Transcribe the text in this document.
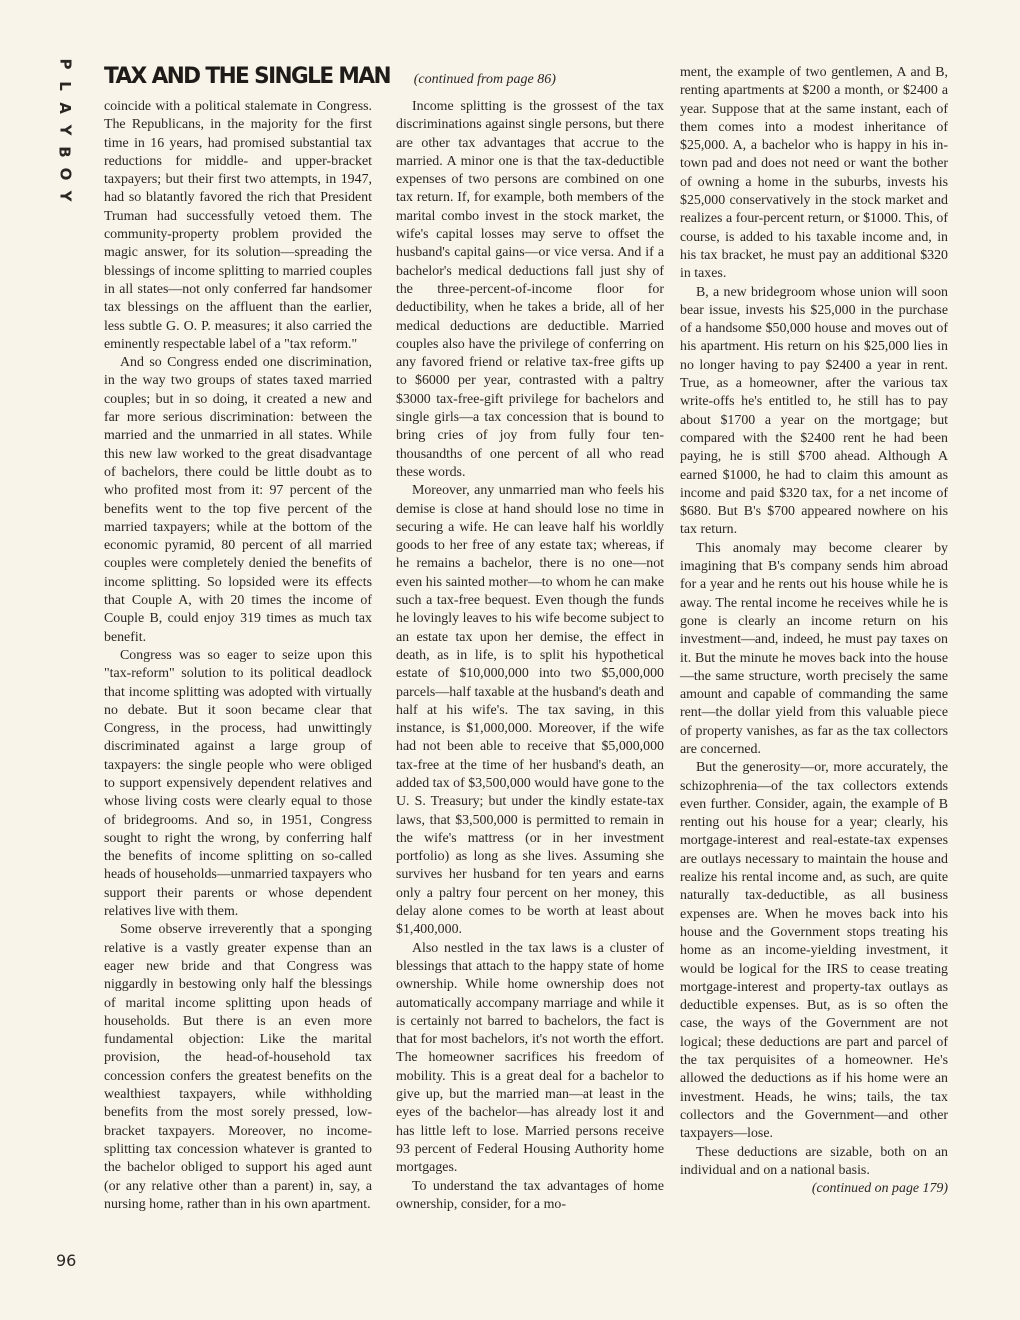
P
L
A
Y
B
O
Y
TAX AND THE SINGLE MAN (continued from page 86)

coincide with a political stalemate in Congress. The Republicans, in the majority for the first time in 16 years, had promised substantial tax reductions for middle- and upper-bracket taxpayers; but their first two attempts, in 1947, had so blatantly favored the rich that President Truman had successfully vetoed them. The community-property problem provided the magic answer, for its solution—spreading the blessings of income splitting to married couples in all states—not only conferred far handsomer tax blessings on the affluent than the earlier, less subtle G. O. P. measures; it also carried the eminently respectable label of a "tax reform."

And so Congress ended one discrimination, in the way two groups of states taxed married couples; but in so doing, it created a new and far more serious discrimination: between the married and the unmarried in all states. While this new law worked to the great disadvantage of bachelors, there could be little doubt as to who profited most from it: 97 percent of the benefits went to the top five percent of the married taxpayers; while at the bottom of the economic pyramid, 80 percent of all married couples were completely denied the benefits of income splitting. So lopsided were its effects that Couple A, with 20 times the income of Couple B, could enjoy 319 times as much tax benefit.

Congress was so eager to seize upon this "tax-reform" solution to its political deadlock that income splitting was adopted with virtually no debate. But it soon became clear that Congress, in the process, had unwittingly discriminated against a large group of taxpayers: the single people who were obliged to support expensively dependent relatives and whose living costs were clearly equal to those of bridegrooms. And so, in 1951, Congress sought to right the wrong, by conferring half the benefits of income splitting on so-called heads of households—unmarried taxpayers who support their parents or whose dependent relatives live with them.

Some observe irreverently that a sponging relative is a vastly greater expense than an eager new bride and that Congress was niggardly in bestowing only half the blessings of marital income splitting upon heads of households. But there is an even more fundamental objection: Like the marital provision, the head-of-household tax concession confers the greatest benefits on the wealthiest taxpayers, while withholding benefits from the most sorely pressed, low-bracket taxpayers. Moreover, no income-splitting tax concession whatever is granted to the bachelor obliged to support his aged aunt (or any relative other than a parent) in, say, a nursing home, rather than in his own apartment.

Income splitting is the grossest of the tax discriminations against single persons, but there are other tax advantages that accrue to the married. A minor one is that the tax-deductible expenses of two persons are combined on one tax return. If, for example, both members of the marital combo invest in the stock market, the wife's capital losses may serve to offset the husband's capital gains—or vice versa. And if a bachelor's medical deductions fall just shy of the three-percent-of-income floor for deductibility, when he takes a bride, all of her medical deductions are deductible. Married couples also have the privilege of conferring on any favored friend or relative tax-free gifts up to $6000 per year, contrasted with a paltry $3000 tax-free-gift privilege for bachelors and single girls—a tax concession that is bound to bring cries of joy from fully four ten-thousandths of one percent of all who read these words.

Moreover, any unmarried man who feels his demise is close at hand should lose no time in securing a wife. He can leave half his worldly goods to her free of any estate tax; whereas, if he remains a bachelor, there is no one—not even his sainted mother—to whom he can make such a tax-free bequest. Even though the funds he lovingly leaves to his wife become subject to an estate tax upon her demise, the effect in death, as in life, is to split his hypothetical estate of $10,000,000 into two $5,000,000 parcels—half taxable at the husband's death and half at his wife's. The tax saving, in this instance, is $1,000,000. Moreover, if the wife had not been able to receive that $5,000,000 tax-free at the time of her husband's death, an added tax of $3,500,000 would have gone to the U. S. Treasury; but under the kindly estate-tax laws, that $3,500,000 is permitted to remain in the wife's mattress (or in her investment portfolio) as long as she lives. Assuming she survives her husband for ten years and earns only a paltry four percent on her money, this delay alone comes to be worth at least about $1,400,000.

Also nestled in the tax laws is a cluster of blessings that attach to the happy state of home ownership. While home ownership does not automatically accompany marriage and while it is certainly not barred to bachelors, the fact is that for most bachelors, it's not worth the effort. The homeowner sacrifices his freedom of mobility. This is a great deal for a bachelor to give up, but the married man—at least in the eyes of the bachelor—has already lost it and has little left to lose. Married persons receive 93 percent of Federal Housing Authority home mortgages.

To understand the tax advantages of home ownership, consider, for a mo-

ment, the example of two gentlemen, A and B, renting apartments at $200 a month, or $2400 a year. Suppose that at the same instant, each of them comes into a modest inheritance of $25,000. A, a bachelor who is happy in his in-town pad and does not need or want the bother of owning a home in the suburbs, invests his $25,000 conservatively in the stock market and realizes a four-percent return, or $1000. This, of course, is added to his taxable income and, in his tax bracket, he must pay an additional $320 in taxes.

B, a new bridegroom whose union will soon bear issue, invests his $25,000 in the purchase of a handsome $50,000 house and moves out of his apartment. His return on his $25,000 lies in no longer having to pay $2400 a year in rent. True, as a homeowner, after the various tax write-offs he's entitled to, he still has to pay about $1700 a year on the mortgage; but compared with the $2400 rent he had been paying, he is still $700 ahead. Although A earned $1000, he had to claim this amount as income and paid $320 tax, for a net income of $680. But B's $700 appeared nowhere on his tax return.

This anomaly may become clearer by imagining that B's company sends him abroad for a year and he rents out his house while he is away. The rental income he receives while he is gone is clearly an income return on his investment—and, indeed, he must pay taxes on it. But the minute he moves back into the house—the same structure, worth precisely the same amount and capable of commanding the same rent—the dollar yield from this valuable piece of property vanishes, as far as the tax collectors are concerned.

But the generosity—or, more accurately, the schizophrenia—of the tax collectors extends even further. Consider, again, the example of B renting out his house for a year; clearly, his mortgage-interest and real-estate-tax expenses are outlays necessary to maintain the house and realize his rental income and, as such, are quite naturally tax-deductible, as all business expenses are. When he moves back into his house and the Government stops treating his home as an income-yielding investment, it would be logical for the IRS to cease treating mortgage-interest and property-tax outlays as deductible expenses. But, as is so often the case, the ways of the Government are not logical; these deductions are part and parcel of the tax perquisites of a homeowner. He's allowed the deductions as if his home were an investment. Heads, he wins; tails, the tax collectors and the Government—and other taxpayers—lose.

These deductions are sizable, both on an individual and on a national basis.

(continued on page 179)

96
